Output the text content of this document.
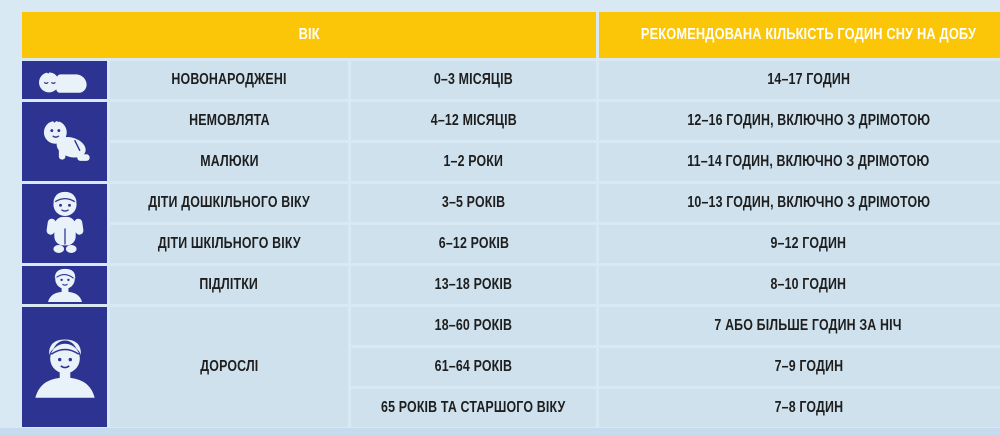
ВІК	РЕКОМЕНДОВАНА КІЛЬКІСТЬ ГОДИН СНУ НА ДОБУ
НОВОНАРОДЖЕНІ
НЕМОВЛЯТА
МАЛЮКИ
ДІТИ ДОШКІЛЬНОГО ВІКУ
ДІТИ ШКІЛЬНОГО ВІКУ
ПІДЛІТКИ
ДОРОСЛІ
0–3 МІСЯЦІВ
4–12 МІСЯЦІВ
1–2 РОКИ
3–5 РОКІВ
6–12 РОКІВ
13–18 РОКІВ
18–60 РОКІВ
61–64 РОКІВ
65 РОКІВ ТА СТАРШОГО ВІКУ
14–17 ГОДИН
12–16 ГОДИН, ВКЛЮЧНО З ДРІМОТОЮ
11–14 ГОДИН, ВКЛЮЧНО З ДРІМОТОЮ
10–13 ГОДИН, ВКЛЮЧНО З ДРІМОТОЮ
9–12 ГОДИН
8–10 ГОДИН
7 АБО БІЛЬШЕ ГОДИН ЗА НІЧ
7–9 ГОДИН
7–8 ГОДИН
